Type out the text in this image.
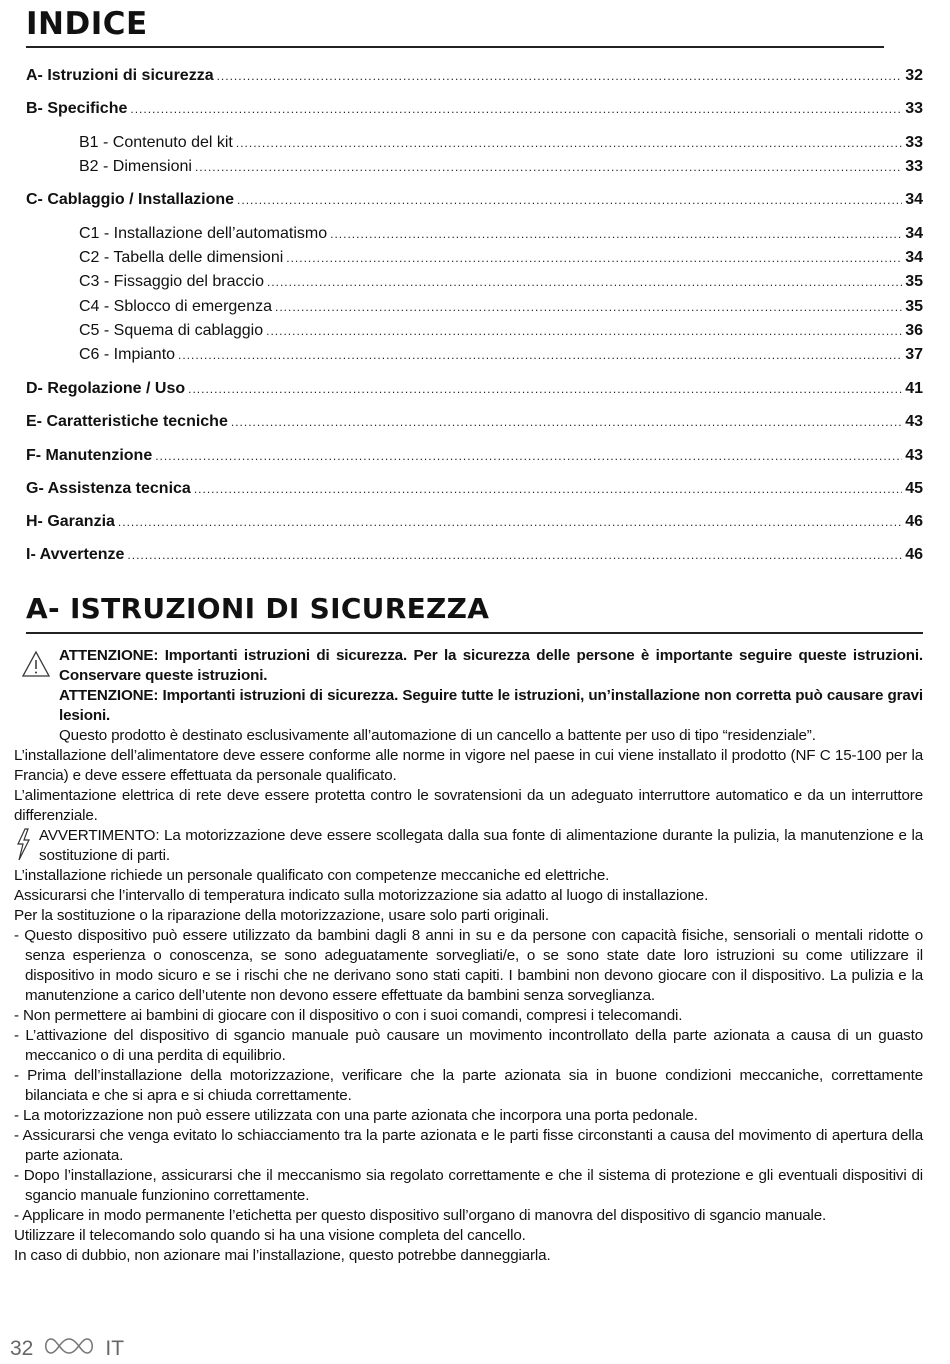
INDICE
A- Istruzioni di sicurezza .....	32
B- Specifiche .....	33
B1 - Contenuto del kit .....	33
B2 - Dimensioni .....	33
C- Cablaggio / Installazione .....	34
C1 - Installazione dell’automatismo .....	34
C2 - Tabella delle dimensioni .....	34
C3 - Fissaggio del braccio .....	35
C4 - Sblocco di emergenza .....	35
C5 - Squema di cablaggio .....	36
C6 - Impianto .....	37
D- Regolazione / Uso .....	41
E- Caratteristiche tecniche .....	43
F- Manutenzione .....	43
G- Assistenza tecnica .....	45
H- Garanzia .....	46
I- Avvertenze .....	46
A- ISTRUZIONI DI SICUREZZA

ATTENZIONE: Importanti istruzioni di sicurezza. Per la sicurezza delle persone è importante seguire queste istruzioni. Conservare queste istruzioni.

ATTENZIONE: Importanti istruzioni di sicurezza. Seguire tutte le istruzioni, un’installazione non corretta può causare gravi lesioni.

Questo prodotto è destinato esclusivamente all’automazione di un cancello a battente per uso di tipo “residenziale”.

L’installazione dell’alimentatore deve essere conforme alle norme in vigore nel paese in cui viene installato il prodotto (NF C 15-100 per la Francia) e deve essere effettuata da personale qualificato.

L’alimentazione elettrica di rete deve essere protetta contro le sovratensioni da un adeguato interruttore automatico e da un interruttore differenziale.

AVVERTIMENTO: La motorizzazione deve essere scollegata dalla sua fonte di alimentazione durante la pulizia, la manutenzione e la sostituzione di parti.

L’installazione richiede un personale qualificato con competenze meccaniche ed elettriche.

Assicurarsi che l’intervallo di temperatura indicato sulla motorizzazione sia adatto al luogo di installazione.

Per la sostituzione o la riparazione della motorizzazione, usare solo parti originali.

- Questo dispositivo può essere utilizzato da bambini dagli 8 anni in su e da persone con capacità fisiche, sensoriali o mentali ridotte o senza esperienza o conoscenza, se sono adeguatamente sorvegliati/e, o se sono state date loro istruzioni su come utilizzare il dispositivo in modo sicuro e se i rischi che ne derivano sono stati capiti. I bambini non devono giocare con il dispositivo. La pulizia e la manutenzione a carico dell’utente non devono essere effettuate da bambini senza sorveglianza.

- Non permettere ai bambini di giocare con il dispositivo o con i suoi comandi, compresi i telecomandi.

- L’attivazione del dispositivo di sgancio manuale può causare un movimento incontrollato della parte azionata a causa di un guasto meccanico o di una perdita di equilibrio.

- Prima dell’installazione della motorizzazione, verificare che la parte azionata sia in buone condizioni meccaniche, correttamente bilanciata e che si apra e si chiuda correttamente.

- La motorizzazione non può essere utilizzata con una parte azionata che incorpora una porta pedonale.

- Assicurarsi che venga evitato lo schiacciamento tra la parte azionata e le parti fisse circonstanti a causa del movimento di apertura della parte azionata.

- Dopo l’installazione, assicurarsi che il meccanismo sia regolato correttamente e che il sistema di protezione e gli eventuali dispositivi di sgancio manuale funzionino correttamente.

- Applicare in modo permanente l’etichetta per questo dispositivo sull’organo di manovra del dispositivo di sgancio manuale.

Utilizzare il telecomando solo quando si ha una visione completa del cancello.

In caso di dubbio, non azionare mai l’installazione, questo potrebbe danneggiarla.

32	IT
